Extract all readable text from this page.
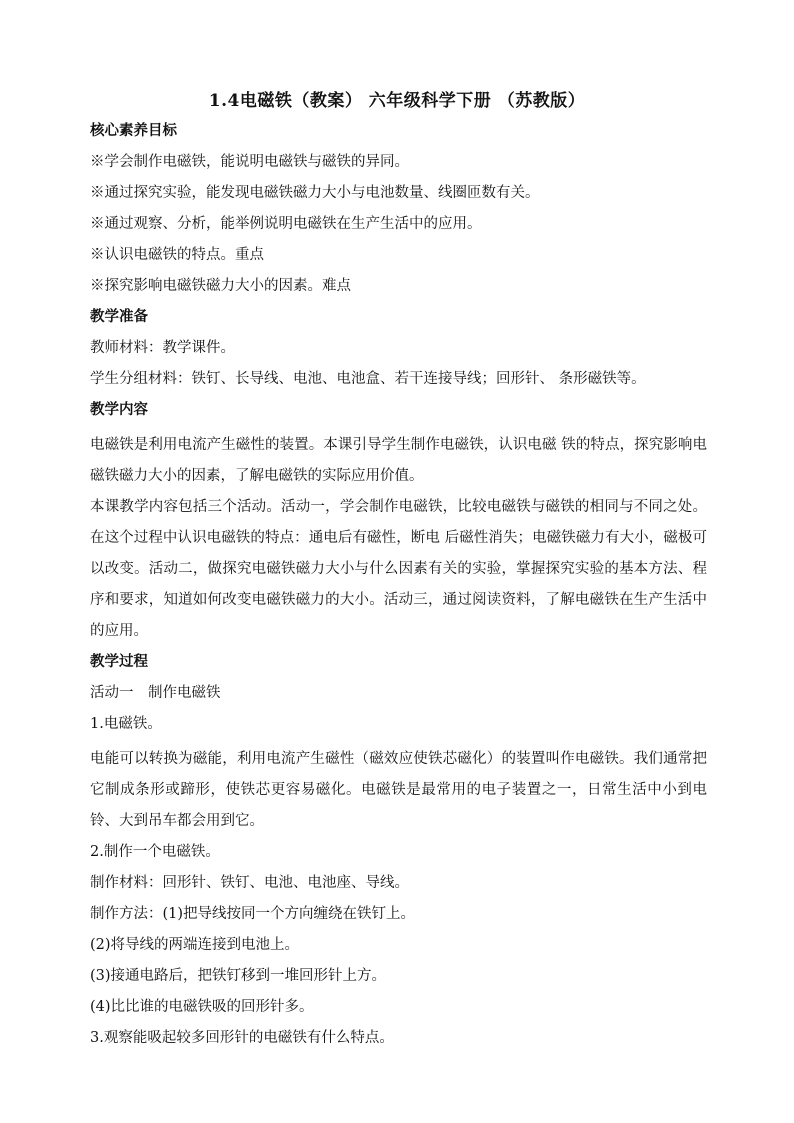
1.4电磁铁（教案） 六年级科学下册 （苏教版）
核心素养目标
※学会制作电磁铁，能说明电磁铁与磁铁的异同。
※通过探究实验，能发现电磁铁磁力大小与电池数量、线圈匝数有关。
※通过观察、分析，能举例说明电磁铁在生产生活中的应用。
※认识电磁铁的特点。重点
※探究影响电磁铁磁力大小的因素。难点
教学准备
教师材料：教学课件。
学生分组材料：铁钉、长导线、电池、电池盒、若干连接导线；回形针、 条形磁铁等。
教学内容
电磁铁是利用电流产生磁性的装置。本课引导学生制作电磁铁，认识电磁 铁的特点，探究影响电磁铁磁力大小的因素，了解电磁铁的实际应用价值。
本课教学内容包括三个活动。活动一，学会制作电磁铁，比较电磁铁与磁铁的相同与不同之处。在这个过程中认识电磁铁的特点：通电后有磁性，断电 后磁性消失；电磁铁磁力有大小，磁极可以改变。活动二，做探究电磁铁磁力大小与什么因素有关的实验，掌握探究实验的基本方法、程序和要求，知道如何改变电磁铁磁力的大小。活动三，通过阅读资料，了解电磁铁在生产生活中的应用。
教学过程
活动一　制作电磁铁
1.电磁铁。
电能可以转换为磁能，利用电流产生磁性（磁效应使铁芯磁化）的装置叫作电磁铁。我们通常把它制成条形或蹄形，使铁芯更容易磁化。电磁铁是最常用的电子装置之一，日常生活中小到电铃、大到吊车都会用到它。
2.制作一个电磁铁。
制作材料：回形针、铁钉、电池、电池座、导线。
制作方法：(1)把导线按同一个方向缠绕在铁钉上。
(2)将导线的两端连接到电池上。
(3)接通电路后，把铁钉移到一堆回形针上方。
(4)比比谁的电磁铁吸的回形针多。
3.观察能吸起较多回形针的电磁铁有什么特点。
